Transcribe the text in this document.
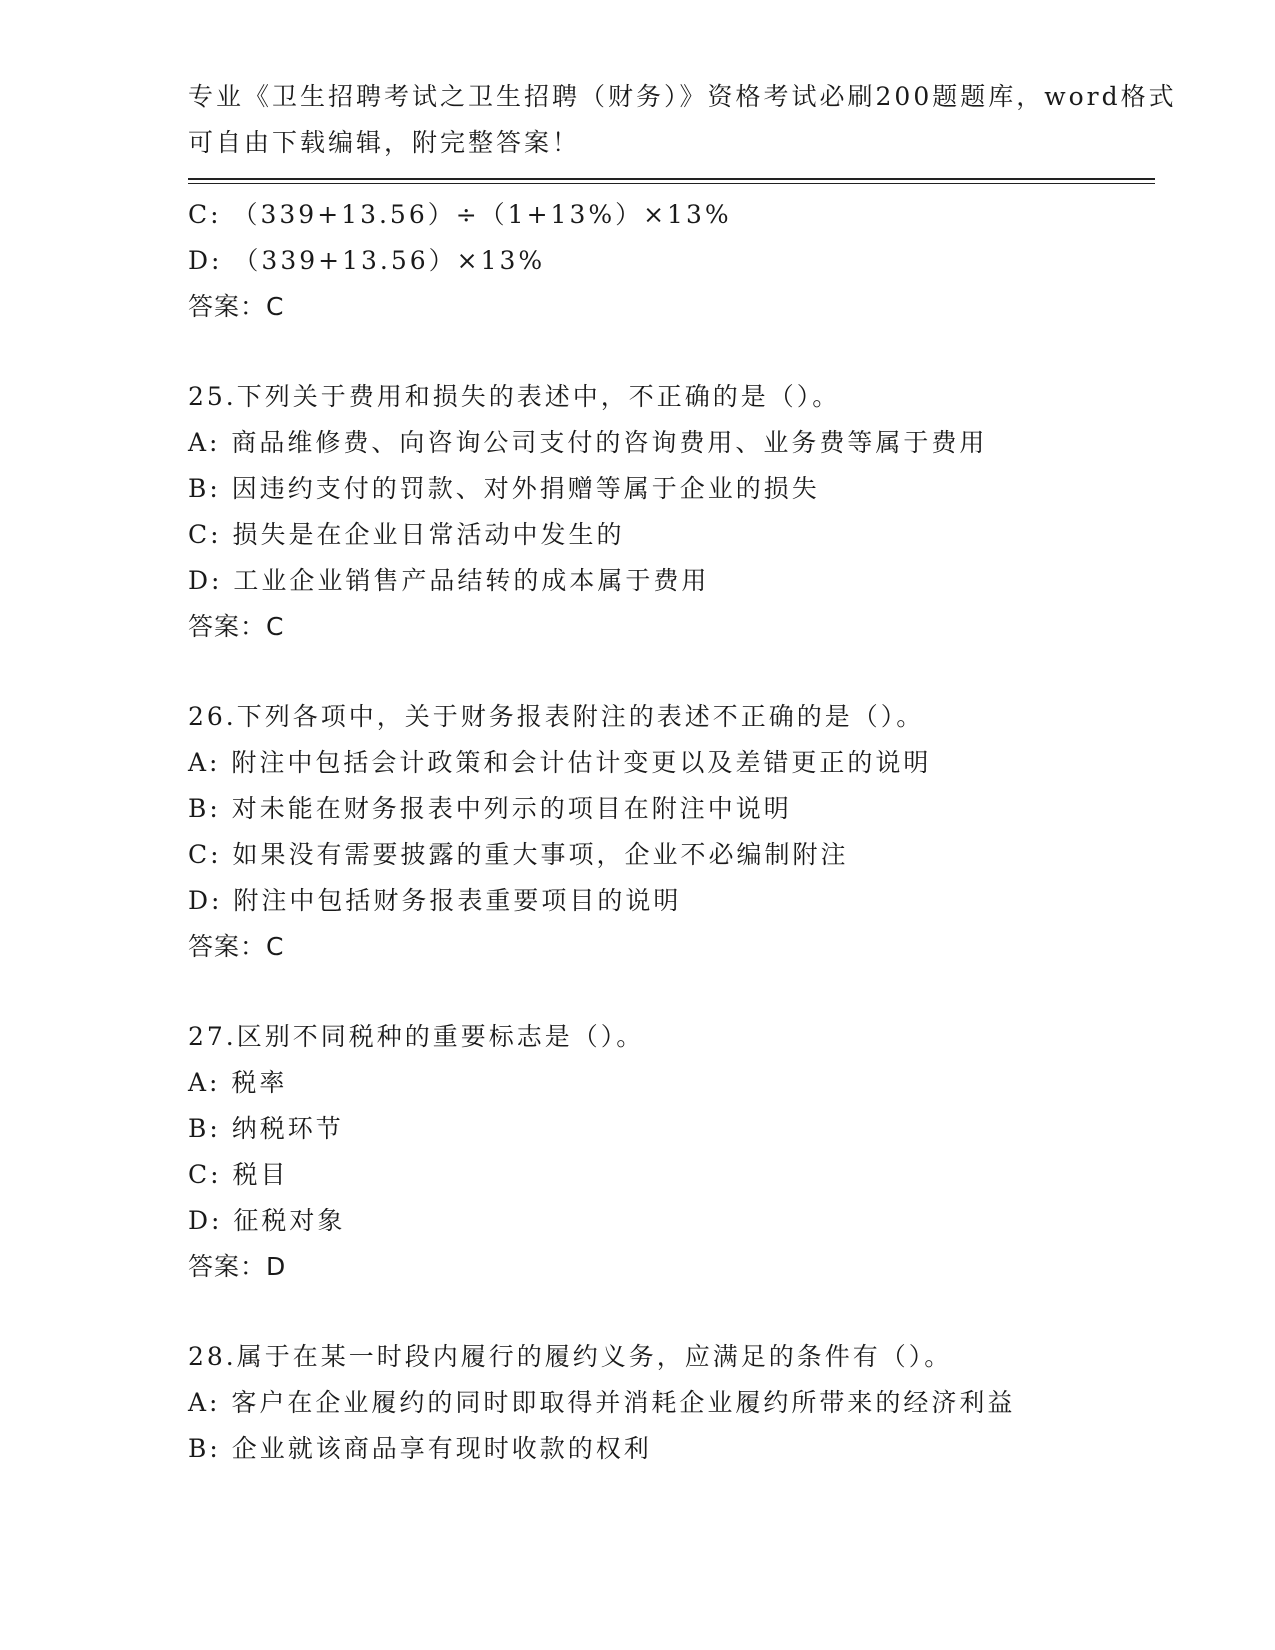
专业《卫生招聘考试之卫生招聘（财务）》资格考试必刷200题题库，word格式
可自由下载编辑，附完整答案！
C: （339+13.56）÷（1+13%）×13%
D: （339+13.56）×13%
答案：C
25.下列关于费用和损失的表述中，不正确的是（）。
A: 商品维修费、向咨询公司支付的咨询费用、业务费等属于费用
B: 因违约支付的罚款、对外捐赠等属于企业的损失
C: 损失是在企业日常活动中发生的
D: 工业企业销售产品结转的成本属于费用
答案：C
26.下列各项中，关于财务报表附注的表述不正确的是（）。
A: 附注中包括会计政策和会计估计变更以及差错更正的说明
B: 对未能在财务报表中列示的项目在附注中说明
C: 如果没有需要披露的重大事项，企业不必编制附注
D: 附注中包括财务报表重要项目的说明
答案：C
27.区别不同税种的重要标志是（）。
A: 税率
B: 纳税环节
C: 税目
D: 征税对象
答案：D
28.属于在某一时段内履行的履约义务，应满足的条件有（）。
A: 客户在企业履约的同时即取得并消耗企业履约所带来的经济利益
B: 企业就该商品享有现时收款的权利
